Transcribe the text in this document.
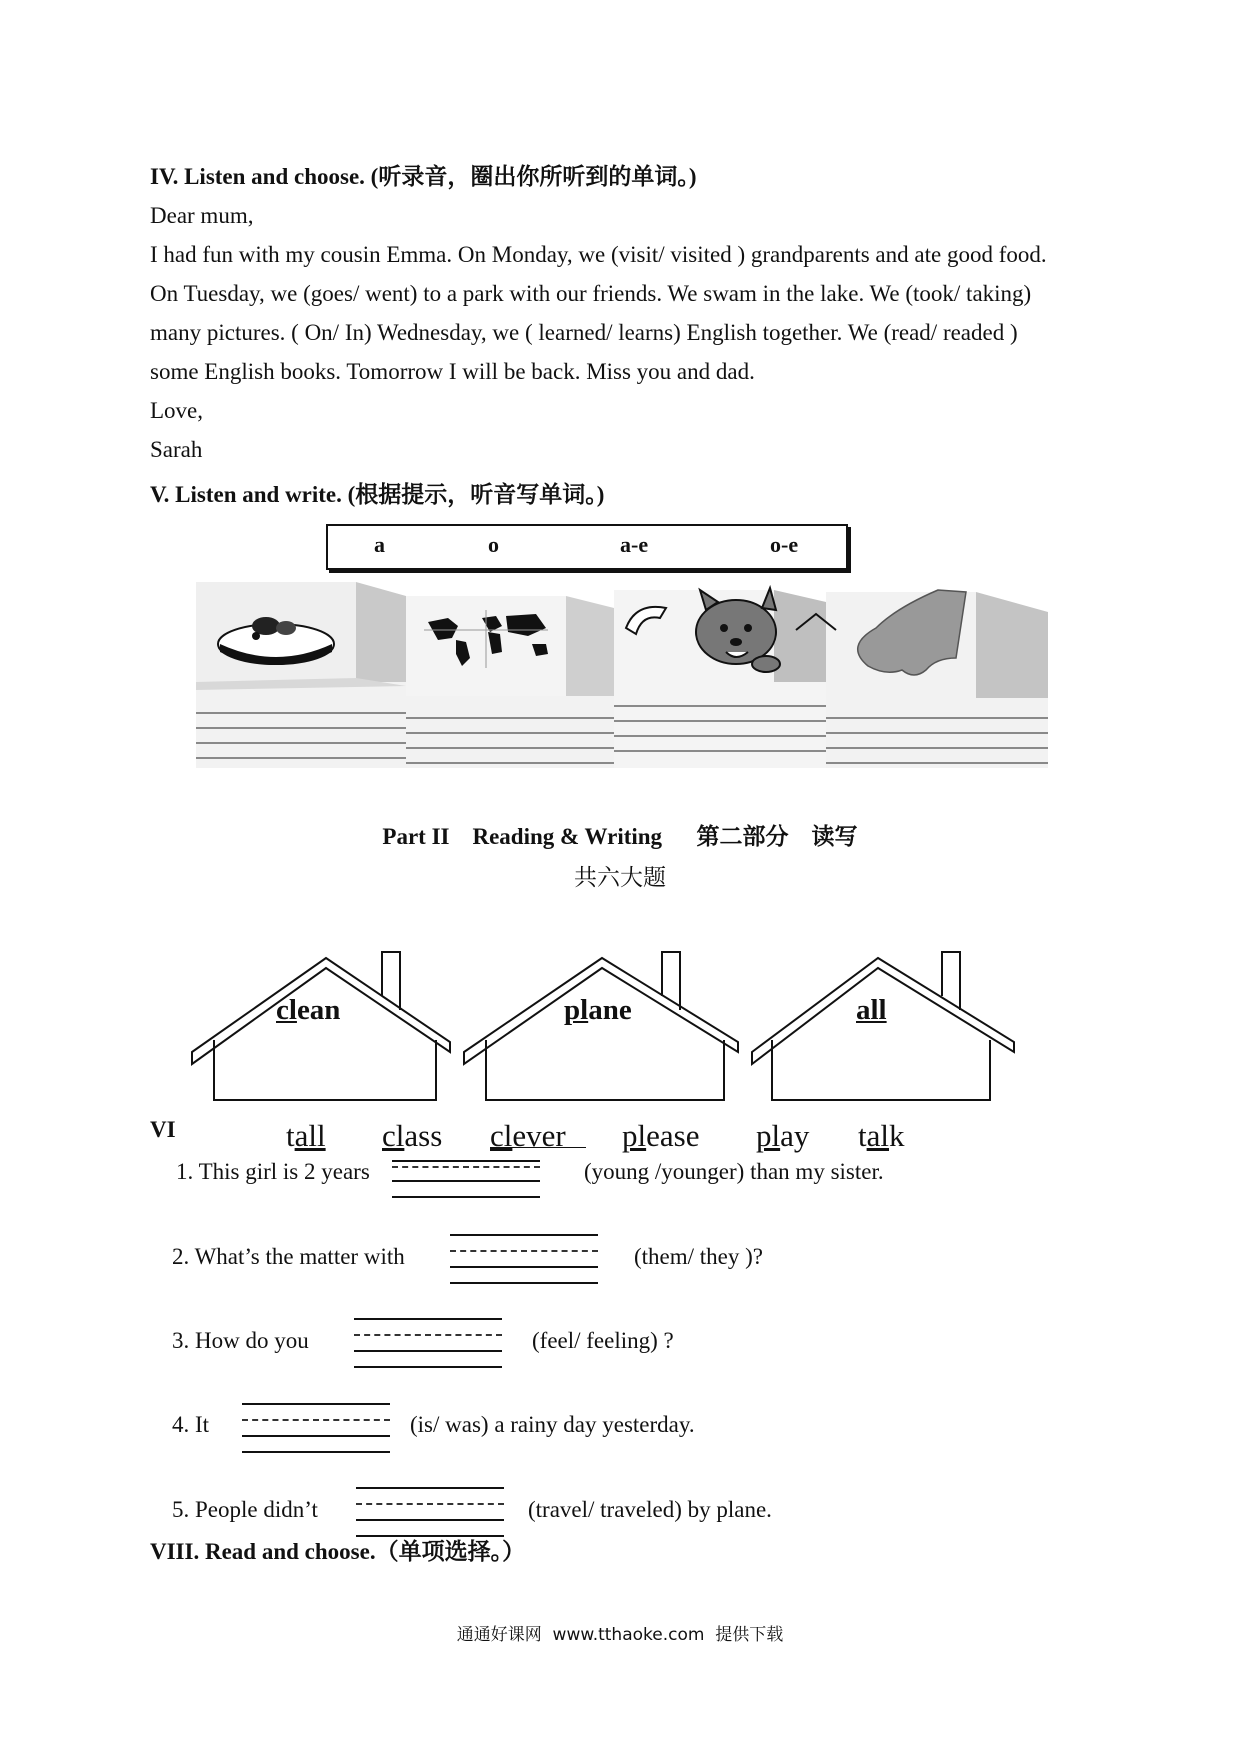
IV. Listen and choose. (听录音，圈出你所听到的单词。)
Dear mum,
I had fun with my cousin Emma. On Monday, we (visit/ visited ) grandparents and ate good food.
On Tuesday, we (goes/ went) to a park with our friends. We swam in the lake. We (took/ taking)
many pictures. ( On/ In) Wednesday, we ( learned/ learns) English together. We (read/ readed )
some English books. Tomorrow I will be back. Miss you and dad.
Love,
Sarah
V. Listen and write. (根据提示，听音写单词。)
a	o	a-e	o-e
Part II    Reading & Writing      第二部分    读写
共六大题
clean	plane	all
VI	tall class clever please play talk
1. This girl is 2 years	(young /younger) than my sister.
2. What’s the matter with	(them/ they )?
3. How do you	(feel/ feeling) ?
4. It	(is/ was) a rainy day yesterday.
5. People didn’t	(travel/ traveled) by plane.
VIII. Read and choose.（单项选择。）
通通好课网  www.tthaoke.com  提供下载
